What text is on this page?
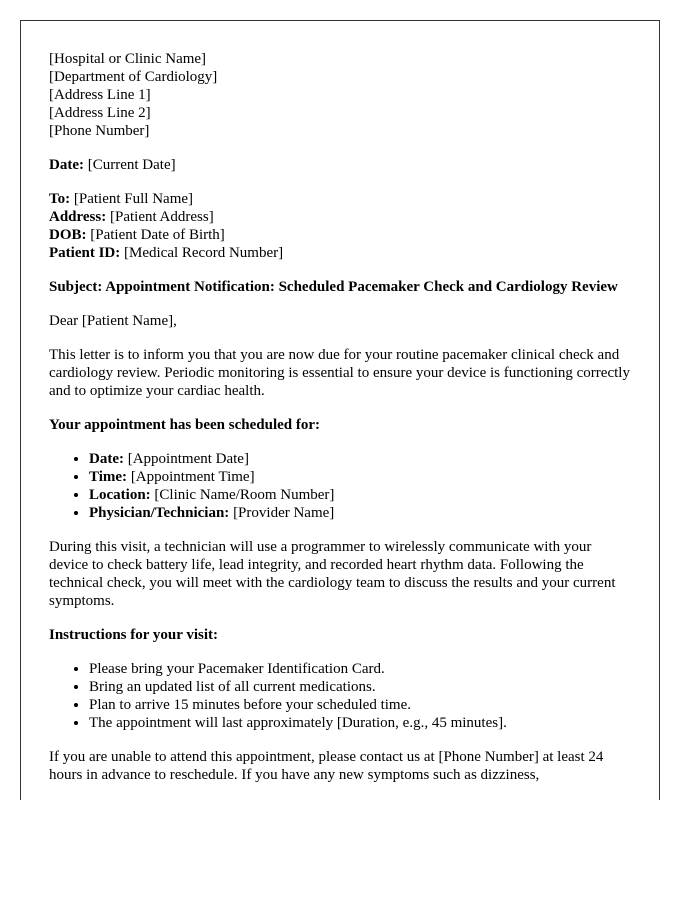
[Hospital or Clinic Name]
[Department of Cardiology]
[Address Line 1]
[Address Line 2]
[Phone Number]
Date: [Current Date]
To: [Patient Full Name]
Address: [Patient Address]
DOB: [Patient Date of Birth]
Patient ID: [Medical Record Number]

Subject: Appointment Notification: Scheduled Pacemaker Check and Cardiology Review

Dear [Patient Name],

This letter is to inform you that you are now due for your routine pacemaker clinical check and cardiology review. Periodic monitoring is essential to ensure your device is functioning correctly and to optimize your cardiac health.

Your appointment has been scheduled for:

• Date: [Appointment Date]
• Time: [Appointment Time]
• Location: [Clinic Name/Room Number]
• Physician/Technician: [Provider Name]

During this visit, a technician will use a programmer to wirelessly communicate with your device to check battery life, lead integrity, and recorded heart rhythm data. Following the technical check, you will meet with the cardiology team to discuss the results and your current symptoms.

Instructions for your visit:

• Please bring your Pacemaker Identification Card.
• Bring an updated list of all current medications.
• Plan to arrive 15 minutes before your scheduled time.
• The appointment will last approximately [Duration, e.g., 45 minutes].

If you are unable to attend this appointment, please contact us at [Phone Number] at least 24 hours in advance to reschedule. If you have any new symptoms such as dizziness,
